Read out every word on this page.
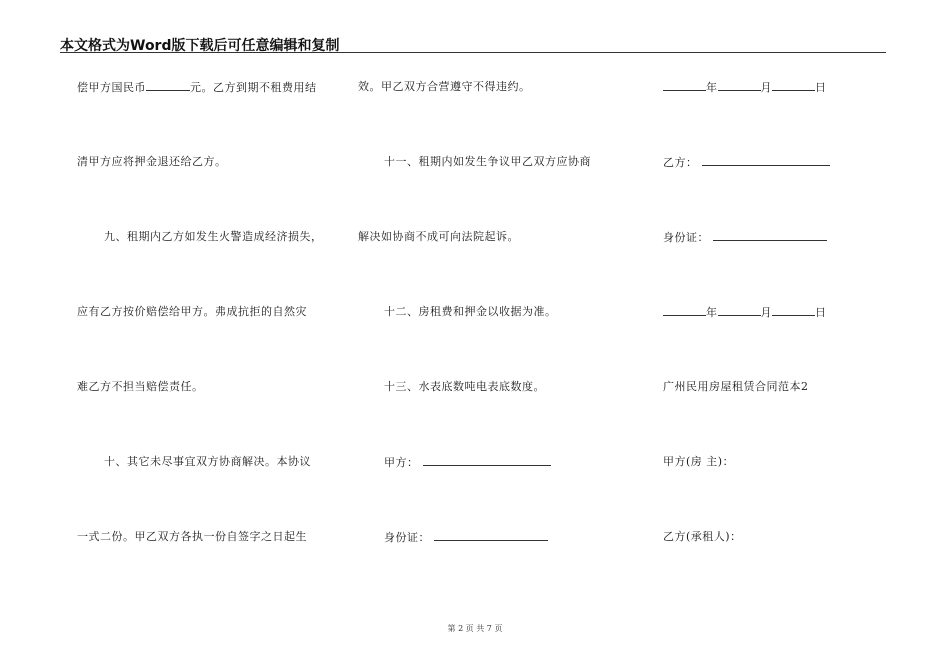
本文格式为Word版下载后可任意编辑和复制
偿甲方国民币	元。乙方到期不租费用结
清甲方应将押金退还给乙方。
九、租期内乙方如发生火警造成经济损失，
应有乙方按价赔偿给甲方。弗成抗拒的自然灾
难乙方不担当赔偿责任。
十、其它未尽事宜双方协商解决。本协议
一式二份。甲乙双方各执一份自签字之日起生
效。甲乙双方合营遵守不得违约。
十一、租期内如发生争议甲乙双方应协商
解决如协商不成可向法院起诉。
十二、房租费和押金以收据为准。
十三、水表底数吨电表底数度。
甲方：
身份证：
年	月	日
乙方：
身份证：
年	月	日
广州民用房屋租赁合同范本2
甲方(房 主)：
乙方(承租人)：
第 2 页 共 7 页
